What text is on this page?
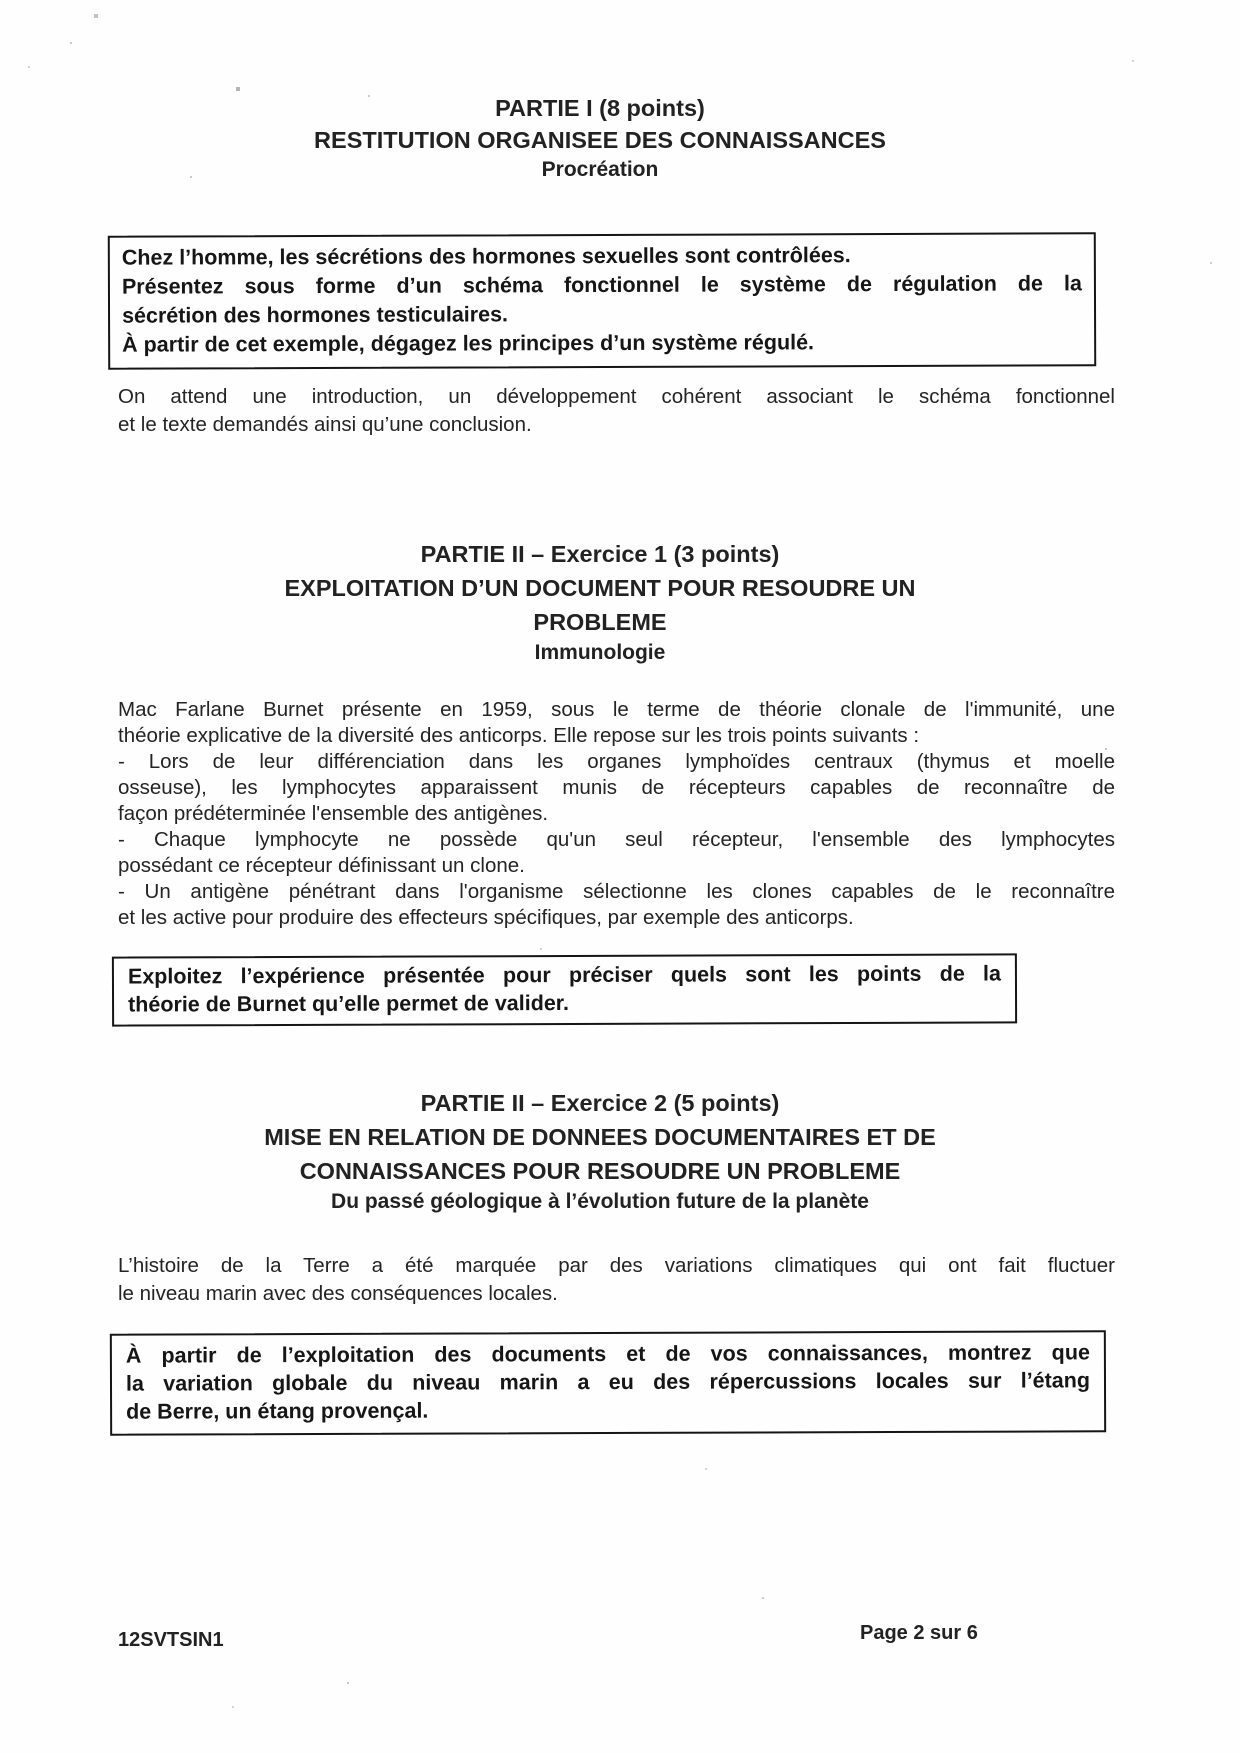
PARTIE I (8 points)
RESTITUTION ORGANISEE DES CONNAISSANCES
Procréation
Chez l’homme, les sécrétions des hormones sexuelles sont contrôlées.
Présentez sous forme d’un schéma fonctionnel le système de régulation de la
sécrétion des hormones testiculaires.
À partir de cet exemple, dégagez les principes d’un système régulé.
On attend une introduction, un développement cohérent associant le schéma fonctionnel
et le texte demandés ainsi qu’une conclusion.
PARTIE II – Exercice 1 (3 points)
EXPLOITATION D’UN DOCUMENT POUR RESOUDRE UN
PROBLEME
Immunologie
Mac Farlane Burnet présente en 1959, sous le terme de théorie clonale de l'immunité, une
théorie explicative de la diversité des anticorps. Elle repose sur les trois points suivants :
- Lors de leur différenciation dans les organes lymphoïdes centraux (thymus et moelle
osseuse), les lymphocytes apparaissent munis de récepteurs capables de reconnaître de
façon prédéterminée l'ensemble des antigènes.
- Chaque lymphocyte ne possède qu'un seul récepteur, l'ensemble des lymphocytes
possédant ce récepteur définissant un clone.
- Un antigène pénétrant dans l'organisme sélectionne les clones capables de le reconnaître
et les active pour produire des effecteurs spécifiques, par exemple des anticorps.
Exploitez l’expérience présentée pour préciser quels sont les points de la
théorie de Burnet qu’elle permet de valider.
PARTIE II – Exercice 2 (5 points)
MISE EN RELATION DE DONNEES DOCUMENTAIRES ET DE
CONNAISSANCES POUR RESOUDRE UN PROBLEME
Du passé géologique à l’évolution future de la planète
L’histoire de la Terre a été marquée par des variations climatiques qui ont fait fluctuer
le niveau marin avec des conséquences locales.
À partir de l’exploitation des documents et de vos connaissances, montrez que
la variation globale du niveau marin a eu des répercussions locales sur l’étang
de Berre, un étang provençal.
12SVTSIN1	Page 2 sur 6
